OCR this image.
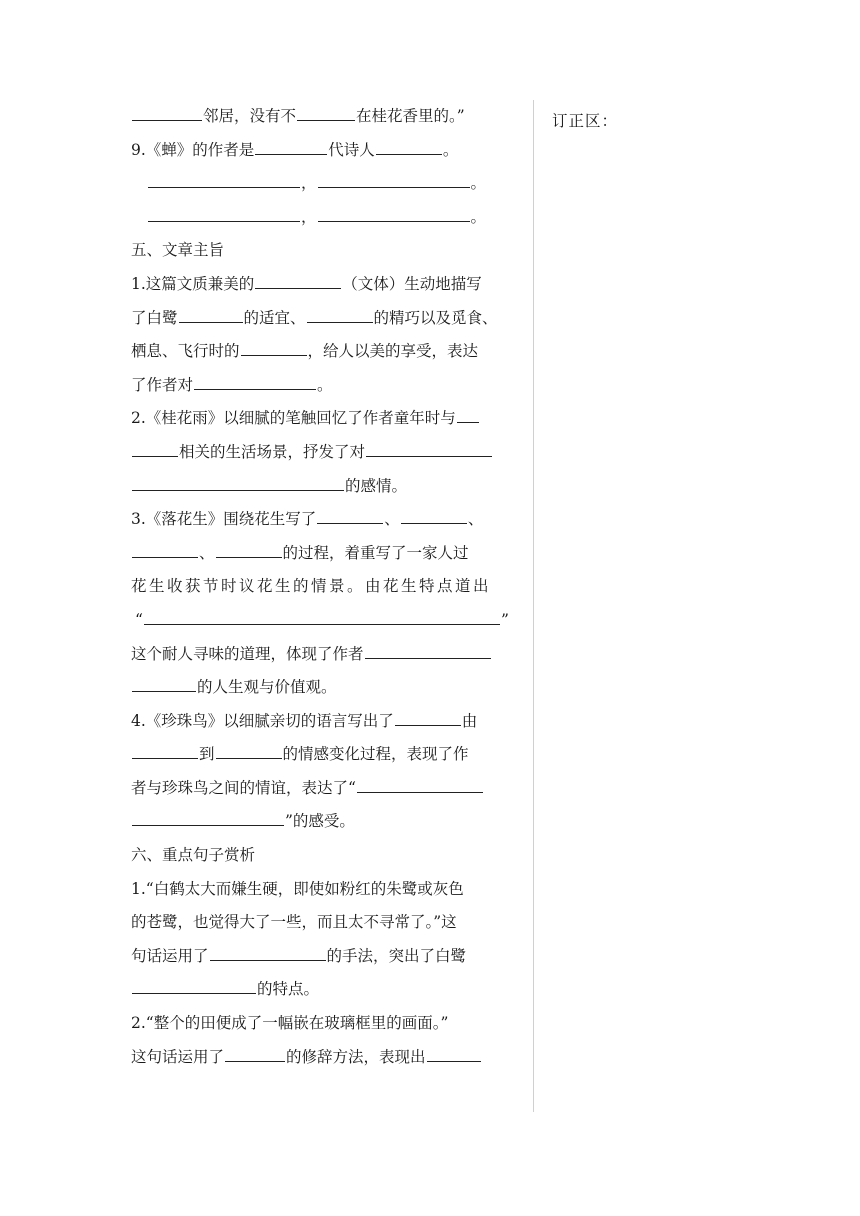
邻居，没有不	在桂花香里的。”
9.《蝉》的作者是	代诗人	。
，	。
，	。
五、文章主旨
1.这篇文质兼美的	（文体）生动地描写
了白鹭	的适宜、	的精巧以及觅食、
栖息、飞行时的	，给人以美的享受，表达
了作者对	。
2.《桂花雨》以细腻的笔触回忆了作者童年时与
相关的生活场景，抒发了对
的感情。
3.《落花生》围绕花生写了	、	、
、	的过程，着重写了一家人过
花生收获节时议花生的情景。由花生特点道出
“	”
这个耐人寻味的道理，体现了作者
的人生观与价值观。
4.《珍珠鸟》以细腻亲切的语言写出了	由
到	的情感变化过程，表现了作
者与珍珠鸟之间的情谊，表达了“
”的感受。
六、重点句子赏析
1.“白鹤太大而嫌生硬，即使如粉红的朱鹭或灰色
的苍鹭，也觉得大了一些，而且太不寻常了。”这
句话运用了	的手法，突出了白鹭
的特点。
2.“整个的田便成了一幅嵌在玻璃框里的画面。”
这句话运用了	的修辞方法，表现出
订正区：
